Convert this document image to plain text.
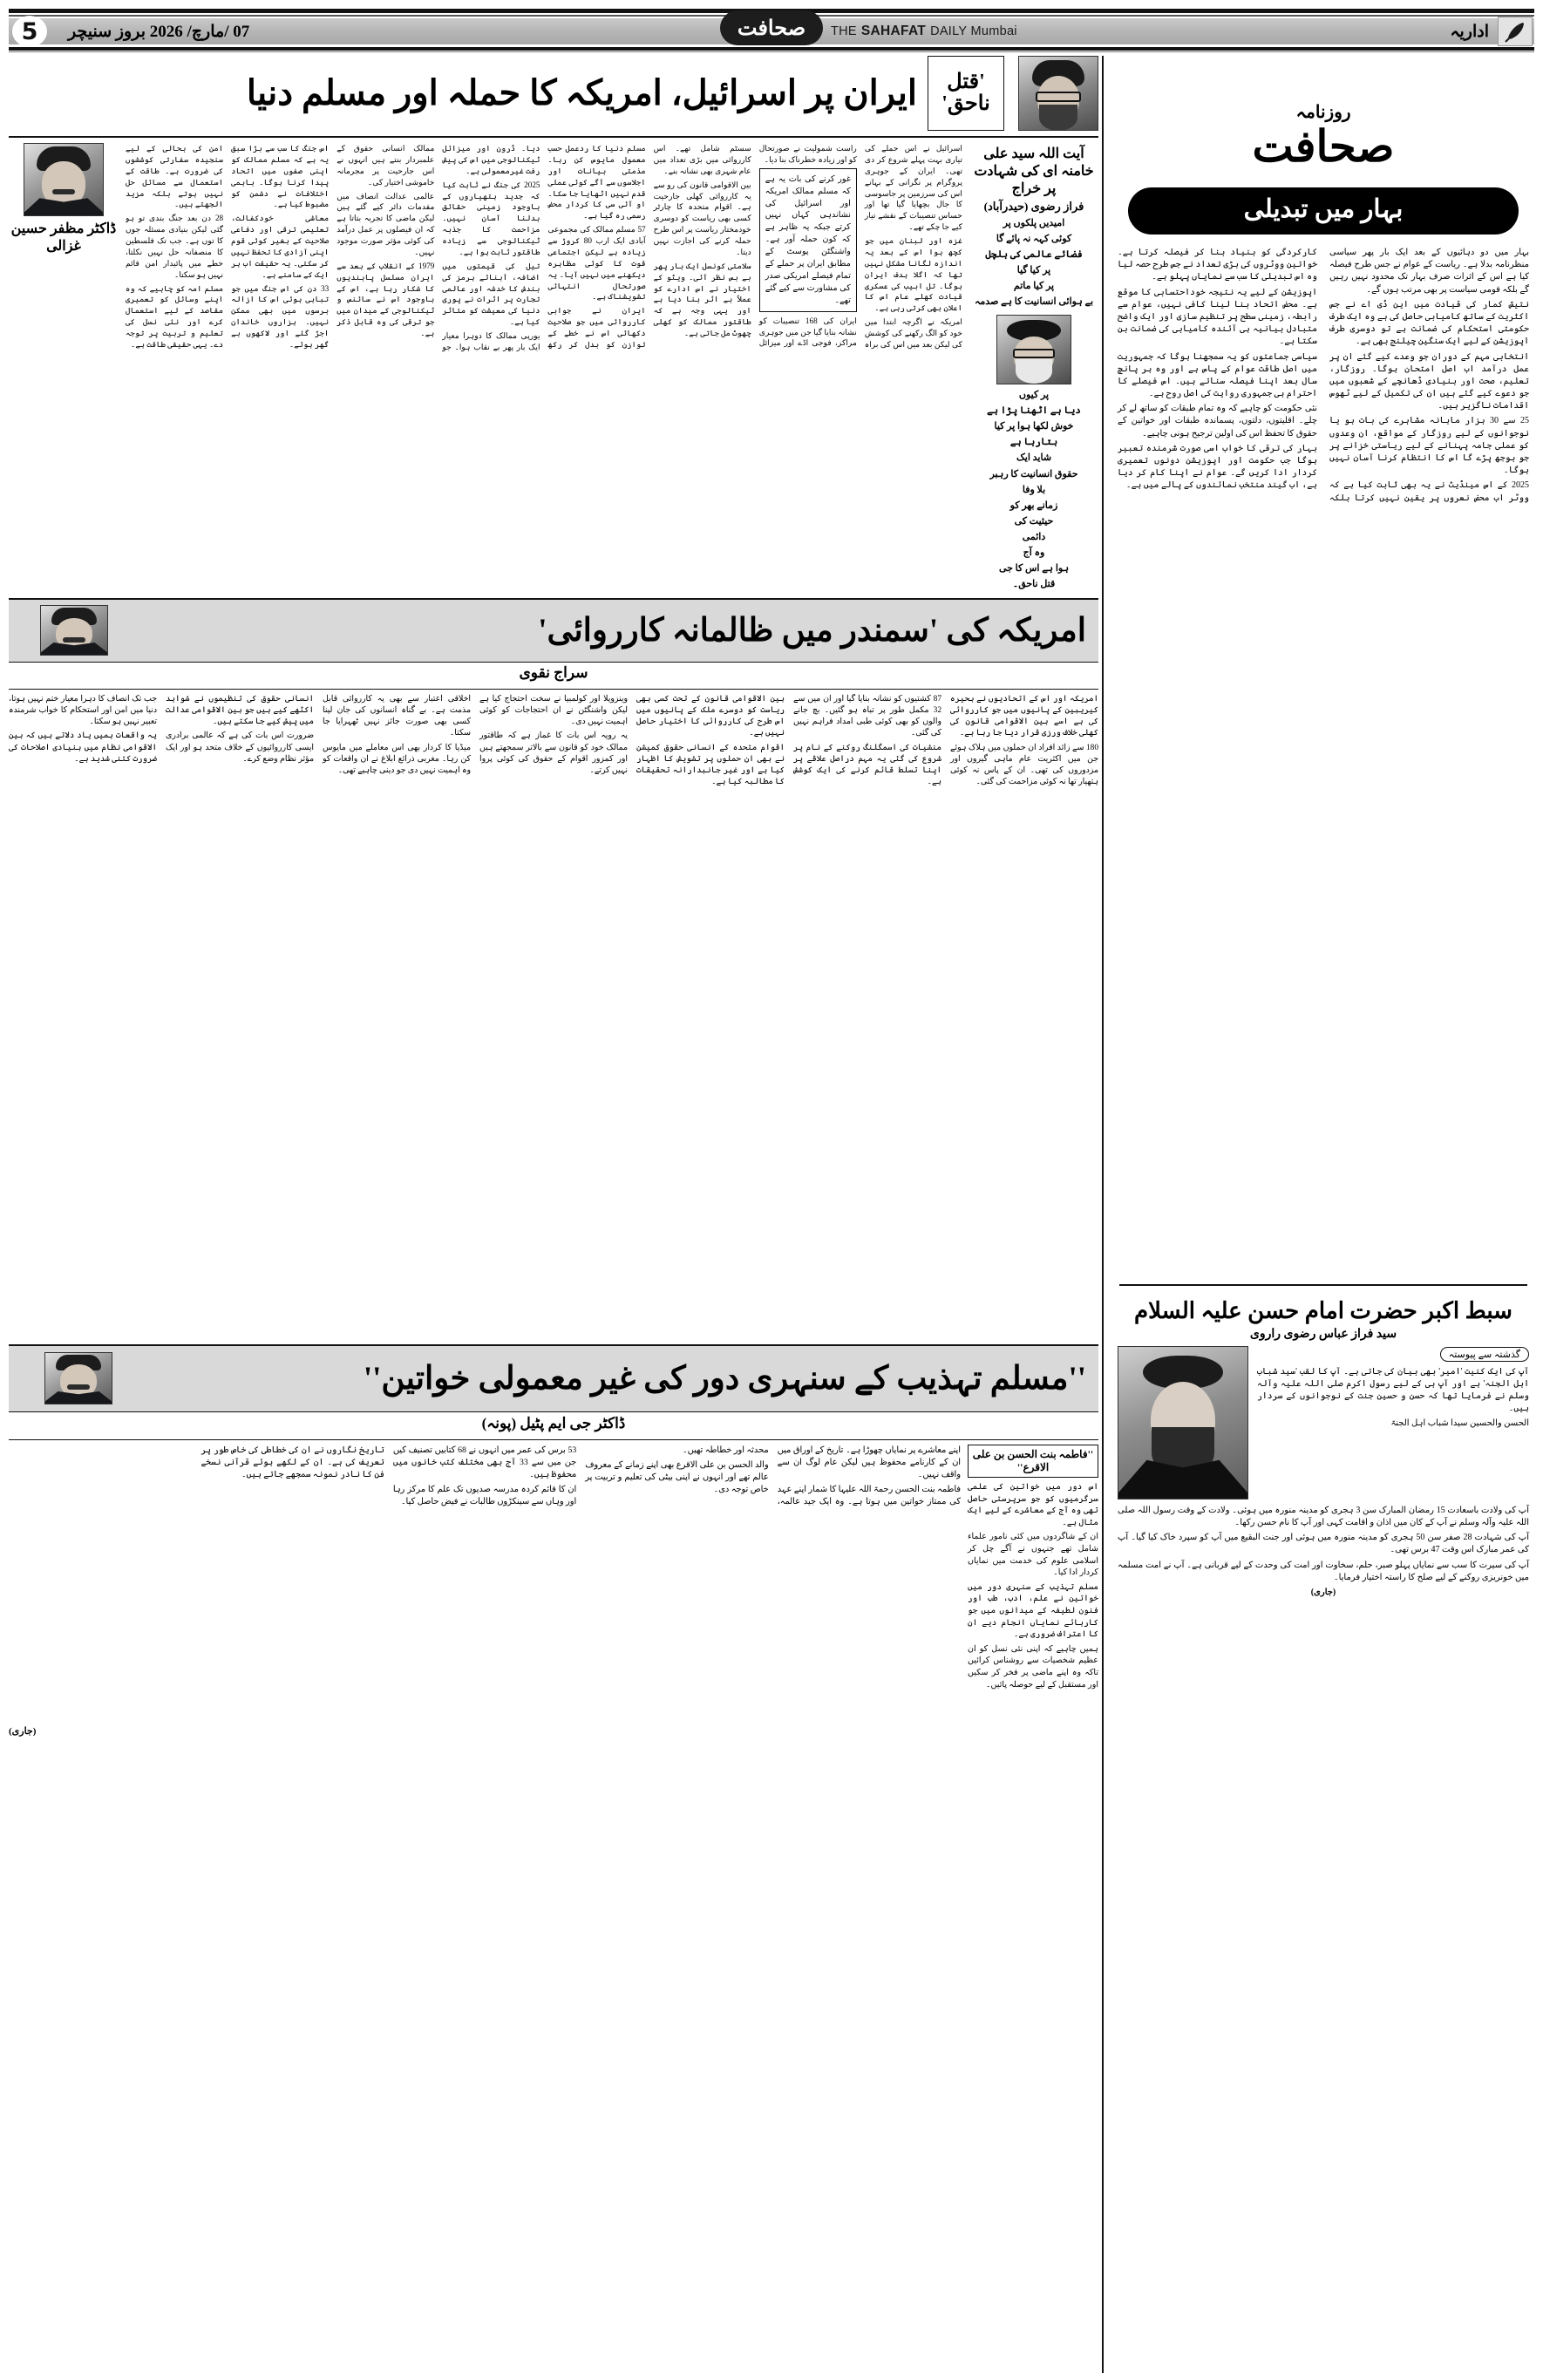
5	07 /مارچ/ 2026 بروز سنیچر	صحافت	THE SAHAFAT DAILY Mumbai	اداریہ
'قتل ناحق'
ایران پر اسرائیل، امریکہ کا حملہ اور مسلم دنیا
آیت اللہ سید علی خامنہ ای کی شہادت پر خراج
فراز رضوی (حیدرآباد)

امیدیں پلکوں پر

کوئی کہہ نہ پائے گا

فضائے عالمی کی ہلچل

پر کیا گیا

پر کیا ماتم

بے ہوائی انسانیت کا ہے صدمہ

پر کیوں

دیا ہے اٹھنا پڑا ہے

خوش لکھا ہوا پر کیا

بتارہا ہے

شاید ایک

حقوق انسانیت کا رہبر

بلا وفا

زمانے بھر کو

حیثیت کی

دائمی

وہ آج

ہوا ہے اس کا جی

قتل ناحق۔

اسرائیل نے اس حملے کی تیاری بہت پہلے شروع کر دی تھی۔ ایران کے جوہری پروگرام پر نگرانی کے بہانے اس کی سرزمین پر جاسوسی کا جال بچھایا گیا تھا اور حساس تنصیبات کے نقشے تیار کیے جا چکے تھے۔

غزہ اور لبنان میں جو کچھ ہوا اس کے بعد یہ اندازہ لگانا مشکل نہیں تھا کہ اگلا ہدف ایران ہوگا۔ تل ابیب کی عسکری قیادت کھلے عام اس کا اعلان بھی کرتی رہی ہے۔

امریکہ نے اگرچہ ابتدا میں خود کو الگ رکھنے کی کوشش کی لیکن بعد میں اس کی براہ راست شمولیت نے صورتحال کو اور زیادہ خطرناک بنا دیا۔

غور کرنے کی بات یہ ہے کہ مسلم ممالک امریکہ اور اسرائیل کی نشاندہی کہاں نہیں کرتے جبکہ یہ ظاہر ہے کہ کون حملہ آور ہے۔ واشنگٹن پوسٹ کے مطابق ایران پر حملے کے تمام فیصلے امریکی صدر کی مشاورت سے کیے گئے تھے۔

ایران کی 168 تنصیبات کو نشانہ بنایا گیا جن میں جوہری مراکز، فوجی اڈے اور میزائل سسٹم شامل تھے۔ اس کارروائی میں بڑی تعداد میں عام شہری بھی نشانہ بنے۔

بین الاقوامی قانون کی رو سے یہ کارروائی کھلی جارحیت ہے۔ اقوام متحدہ کا چارٹر کسی بھی ریاست کو دوسری خودمختار ریاست پر اس طرح حملہ کرنے کی اجازت نہیں دیتا۔

سلامتی کونسل ایک بار پھر بے بس نظر آئی۔ ویٹو کے اختیار نے اس ادارے کو عملاً بے اثر بنا دیا ہے اور یہی وجہ ہے کہ طاقتور ممالک کو کھلی چھوٹ مل جاتی ہے۔

مسلم دنیا کا ردعمل حسب معمول مایوس کن رہا۔ مذمتی بیانات اور اجلاسوں سے آگے کوئی عملی قدم نہیں اٹھایا جا سکا۔ او آئی سی کا کردار محض رسمی رہ گیا ہے۔

57 مسلم ممالک کی مجموعی آبادی ایک ارب 80 کروڑ سے زیادہ ہے لیکن اجتماعی قوت کا کوئی مظاہرہ دیکھنے میں نہیں آیا۔ یہ صورتحال انتہائی تشویشناک ہے۔

ایران نے جوابی کارروائی میں جو صلاحیت دکھائی اس نے خطے کے توازن کو بدل کر رکھ دیا۔ ڈرون اور میزائل ٹیکنالوجی میں اس کی پیش رفت غیرمعمولی ہے۔

2025 کی جنگ نے ثابت کیا کہ جدید ہتھیاروں کے باوجود زمینی حقائق بدلنا آسان نہیں۔ مزاحمت کا جذبہ ٹیکنالوجی سے زیادہ طاقتور ثابت ہوا ہے۔

تیل کی قیمتوں میں اضافہ، آبنائے ہرمز کی بندش کا خدشہ اور عالمی تجارت پر اثرات نے پوری دنیا کی معیشت کو متاثر کیا ہے۔

یورپی ممالک کا دوہرا معیار ایک بار پھر بے نقاب ہوا۔ جو ممالک انسانی حقوق کے علمبردار بنتے ہیں انہوں نے اس جارحیت پر مجرمانہ خاموشی اختیار کی۔

عالمی عدالت انصاف میں مقدمات دائر کیے گئے ہیں لیکن ماضی کا تجربہ بتاتا ہے کہ ان فیصلوں پر عمل درآمد کی کوئی مؤثر صورت موجود نہیں۔

1979 کے انقلاب کے بعد سے ایران مسلسل پابندیوں کا شکار رہا ہے، اس کے باوجود اس نے سائنس و ٹیکنالوجی کے میدان میں جو ترقی کی وہ قابل ذکر ہے۔

اس جنگ کا سب سے بڑا سبق یہ ہے کہ مسلم ممالک کو اپنی صفوں میں اتحاد پیدا کرنا ہوگا۔ باہمی اختلافات نے دشمن کو مضبوط کیا ہے۔

معاشی خودکفالت، تعلیمی ترقی اور دفاعی صلاحیت کے بغیر کوئی قوم اپنی آزادی کا تحفظ نہیں کر سکتی۔ یہ حقیقت اب ہر ایک کے سامنے ہے۔

33 دن کی اس جنگ میں جو تباہی ہوئی اس کا ازالہ برسوں میں بھی ممکن نہیں۔ ہزاروں خاندان اجڑ گئے اور لاکھوں بے گھر ہوئے۔

امن کی بحالی کے لیے سنجیدہ سفارتی کوششوں کی ضرورت ہے۔ طاقت کے استعمال سے مسائل حل نہیں ہوتے بلکہ مزید الجھتے ہیں۔

28 دن بعد جنگ بندی تو ہو گئی لیکن بنیادی مسئلہ جوں کا توں ہے۔ جب تک فلسطین کا منصفانہ حل نہیں نکلتا، خطے میں پائیدار امن قائم نہیں ہو سکتا۔

مسلم امہ کو چاہیے کہ وہ اپنے وسائل کو تعمیری مقاصد کے لیے استعمال کرے اور نئی نسل کی تعلیم و تربیت پر توجہ دے۔ یہی حقیقی طاقت ہے۔

ڈاکٹر مظفر حسین غزالی
امریکہ کی 'سمندر میں ظالمانہ کارروائی'
سراج نقوی

امریکہ اور اس کے اتحادیوں نے بحیرہ کیریبین کے پانیوں میں جو کارروائی کی ہے اسے بین الاقوامی قانون کی کھلی خلاف ورزی قرار دیا جا رہا ہے۔

180 سے زائد افراد ان حملوں میں ہلاک ہوئے جن میں اکثریت عام ماہی گیروں اور مزدوروں کی تھی۔ ان کے پاس نہ کوئی ہتھیار تھا نہ کوئی مزاحمت کی گئی۔

87 کشتیوں کو نشانہ بنایا گیا اور ان میں سے 32 مکمل طور پر تباہ ہو گئیں۔ بچ جانے والوں کو بھی کوئی طبی امداد فراہم نہیں کی گئی۔

منشیات کی اسمگلنگ روکنے کے نام پر شروع کی گئی یہ مہم دراصل علاقے پر اپنا تسلط قائم کرنے کی ایک کوشش ہے۔

بین الاقوامی قانون کے تحت کسی بھی ریاست کو دوسرے ملک کے پانیوں میں اس طرح کی کارروائی کا اختیار حاصل نہیں ہے۔

اقوام متحدہ کے انسانی حقوق کمیشن نے بھی ان حملوں پر تشویش کا اظہار کیا ہے اور غیر جانبدارانہ تحقیقات کا مطالبہ کیا ہے۔

وینزویلا اور کولمبیا نے سخت احتجاج کیا ہے لیکن واشنگٹن نے ان احتجاجات کو کوئی اہمیت نہیں دی۔

یہ رویہ اس بات کا غماز ہے کہ طاقتور ممالک خود کو قانون سے بالاتر سمجھتے ہیں اور کمزور اقوام کے حقوق کی کوئی پروا نہیں کرتے۔

اخلاقی اعتبار سے بھی یہ کارروائی قابل مذمت ہے۔ بے گناہ انسانوں کی جان لینا کسی بھی صورت جائز نہیں ٹھہرایا جا سکتا۔

میڈیا کا کردار بھی اس معاملے میں مایوس کن رہا۔ مغربی ذرائع ابلاغ نے ان واقعات کو وہ اہمیت نہیں دی جو دینی چاہیے تھی۔

انسانی حقوق کی تنظیموں نے شواہد اکٹھے کیے ہیں جو بین الاقوامی عدالت میں پیش کیے جا سکتے ہیں۔

ضرورت اس بات کی ہے کہ عالمی برادری ایسی کارروائیوں کے خلاف متحد ہو اور ایک مؤثر نظام وضع کرے۔

جب تک انصاف کا دہرا معیار ختم نہیں ہوتا، دنیا میں امن اور استحکام کا خواب شرمندہ تعبیر نہیں ہو سکتا۔

یہ واقعات ہمیں یاد دلاتے ہیں کہ بین الاقوامی نظام میں بنیادی اصلاحات کی ضرورت کتنی شدید ہے۔

''مسلم تہذیب کے سنہری دور کی غیر معمولی خواتین''
ڈاکٹر جی ایم پٹیل (پونہ)
''فاطمہ بنت الحسن بن علی الاقرع''

اس دور میں خواتین کی علمی سرگرمیوں کو جو سرپرستی حاصل تھی وہ آج کے معاشرے کے لیے ایک مثال ہے۔

ان کے شاگردوں میں کئی نامور علماء شامل تھے جنہوں نے آگے چل کر اسلامی علوم کی خدمت میں نمایاں کردار ادا کیا۔

مسلم تہذیب کے سنہری دور میں خواتین نے علم، ادب، طب اور فنون لطیفہ کے میدانوں میں جو کارہائے نمایاں انجام دیے ان کا اعتراف ضروری ہے۔

ہمیں چاہیے کہ اپنی نئی نسل کو ان عظیم شخصیات سے روشناس کرائیں تاکہ وہ اپنے ماضی پر فخر کر سکیں اور مستقبل کے لیے حوصلہ پائیں۔

اپنے معاشرے پر نمایاں چھوڑا ہے۔ تاریخ کے اوراق میں ان کے کارنامے محفوظ ہیں لیکن عام لوگ ان سے واقف نہیں۔

فاطمہ بنت الحسن رحمۃ اللہ علیہا کا شمار اپنے عہد کی ممتاز خواتین میں ہوتا ہے۔ وہ ایک جید عالمہ، محدثہ اور خطاطہ تھیں۔

والد الحسن بن علی الاقرع بھی اپنے زمانے کے معروف عالم تھے اور انہوں نے اپنی بیٹی کی تعلیم و تربیت پر خاص توجہ دی۔

53 برس کی عمر میں انہوں نے 68 کتابیں تصنیف کیں جن میں سے 33 آج بھی مختلف کتب خانوں میں محفوظ ہیں۔

ان کا قائم کردہ مدرسہ صدیوں تک علم کا مرکز رہا اور وہاں سے سینکڑوں طالبات نے فیض حاصل کیا۔

تاریخ نگاروں نے ان کی خطاطی کی خاص طور پر تعریف کی ہے۔ ان کے لکھے ہوئے قرآنی نسخے فن کا نادر نمونہ سمجھے جاتے ہیں۔

(جاری)
روزنامہ
صحافت
بہار میں تبدیلی

بہار میں دو دہائیوں کے بعد ایک بار پھر سیاسی منظرنامہ بدلا ہے۔ ریاست کے عوام نے جس طرح فیصلہ کیا ہے اس کے اثرات صرف بہار تک محدود نہیں رہیں گے بلکہ قومی سیاست پر بھی مرتب ہوں گے۔

نتیش کمار کی قیادت میں این ڈی اے نے جس اکثریت کے ساتھ کامیابی حاصل کی ہے وہ ایک طرف حکومتی استحکام کی ضمانت ہے تو دوسری طرف اپوزیشن کے لیے ایک سنگین چیلنج بھی ہے۔

انتخابی مہم کے دوران جو وعدے کیے گئے ان پر عمل درآمد اب اصل امتحان ہوگا۔ روزگار، تعلیم، صحت اور بنیادی ڈھانچے کے شعبوں میں جو دعوے کیے گئے ہیں ان کی تکمیل کے لیے ٹھوس اقدامات ناگزیر ہیں۔

25 سے 30 ہزار ماہانہ مشاہرے کی بات ہو یا نوجوانوں کے لیے روزگار کے مواقع، ان وعدوں کو عملی جامہ پہنانے کے لیے ریاستی خزانے پر جو بوجھ پڑے گا اس کا انتظام کرنا آسان نہیں ہوگا۔

2025 کے اس مینڈیٹ نے یہ بھی ثابت کیا ہے کہ ووٹر اب محض نعروں پر یقین نہیں کرتا بلکہ کارکردگی کو بنیاد بنا کر فیصلہ کرتا ہے۔ خواتین ووٹروں کی بڑی تعداد نے جس طرح حصہ لیا وہ اس تبدیلی کا سب سے نمایاں پہلو ہے۔

اپوزیشن کے لیے یہ نتیجہ خوداحتسابی کا موقع ہے۔ محض اتحاد بنا لینا کافی نہیں، عوام سے رابطہ، زمینی سطح پر تنظیم سازی اور ایک واضح متبادل بیانیہ ہی آئندہ کامیابی کی ضمانت بن سکتا ہے۔

سیاسی جماعتوں کو یہ سمجھنا ہوگا کہ جمہوریت میں اصل طاقت عوام کے پاس ہے اور وہ ہر پانچ سال بعد اپنا فیصلہ سناتے ہیں۔ اس فیصلے کا احترام ہی جمہوری روایت کی اصل روح ہے۔

نئی حکومت کو چاہیے کہ وہ تمام طبقات کو ساتھ لے کر چلے۔ اقلیتوں، دلتوں، پسماندہ طبقات اور خواتین کے حقوق کا تحفظ اس کی اولین ترجیح ہونی چاہیے۔

بہار کی ترقی کا خواب اسی صورت شرمندہ تعبیر ہوگا جب حکومت اور اپوزیشن دونوں تعمیری کردار ادا کریں گے۔ عوام نے اپنا کام کر دیا ہے، اب گیند منتخب نمائندوں کے پالے میں ہے۔

سبط اکبر حضرت امام حسن علیہ السلام
سید فراز عباس رضوی راروی
گذشتہ سے پیوستہ

آپ کی ایک کنیت 'امیر' بھی بیان کی جاتی ہے۔ آپ کا لقب 'سید شباب اہل الجنہ' ہے اور آپ ہی کے لیے رسول اکرم صلی اللہ علیہ وآلہ وسلم نے فرمایا تھا کہ حسن و حسین جنت کے نوجوانوں کے سردار ہیں۔

الحسن والحسین سیدا شباب اہل الجنۃ

آپ کی ولادت باسعادت 15 رمضان المبارک سن 3 ہجری کو مدینہ منورہ میں ہوئی۔ ولادت کے وقت رسول اللہ صلی اللہ علیہ وآلہ وسلم نے آپ کے کان میں اذان و اقامت کہی اور آپ کا نام حسن رکھا۔

آپ کی شہادت 28 صفر سن 50 ہجری کو مدینہ منورہ میں ہوئی اور جنت البقیع میں آپ کو سپرد خاک کیا گیا۔ آپ کی عمر مبارک اس وقت 47 برس تھی۔

آپ کی سیرت کا سب سے نمایاں پہلو صبر، حلم، سخاوت اور امت کی وحدت کے لیے قربانی ہے۔ آپ نے امت مسلمہ میں خونریزی روکنے کے لیے صلح کا راستہ اختیار فرمایا۔

(جاری)
